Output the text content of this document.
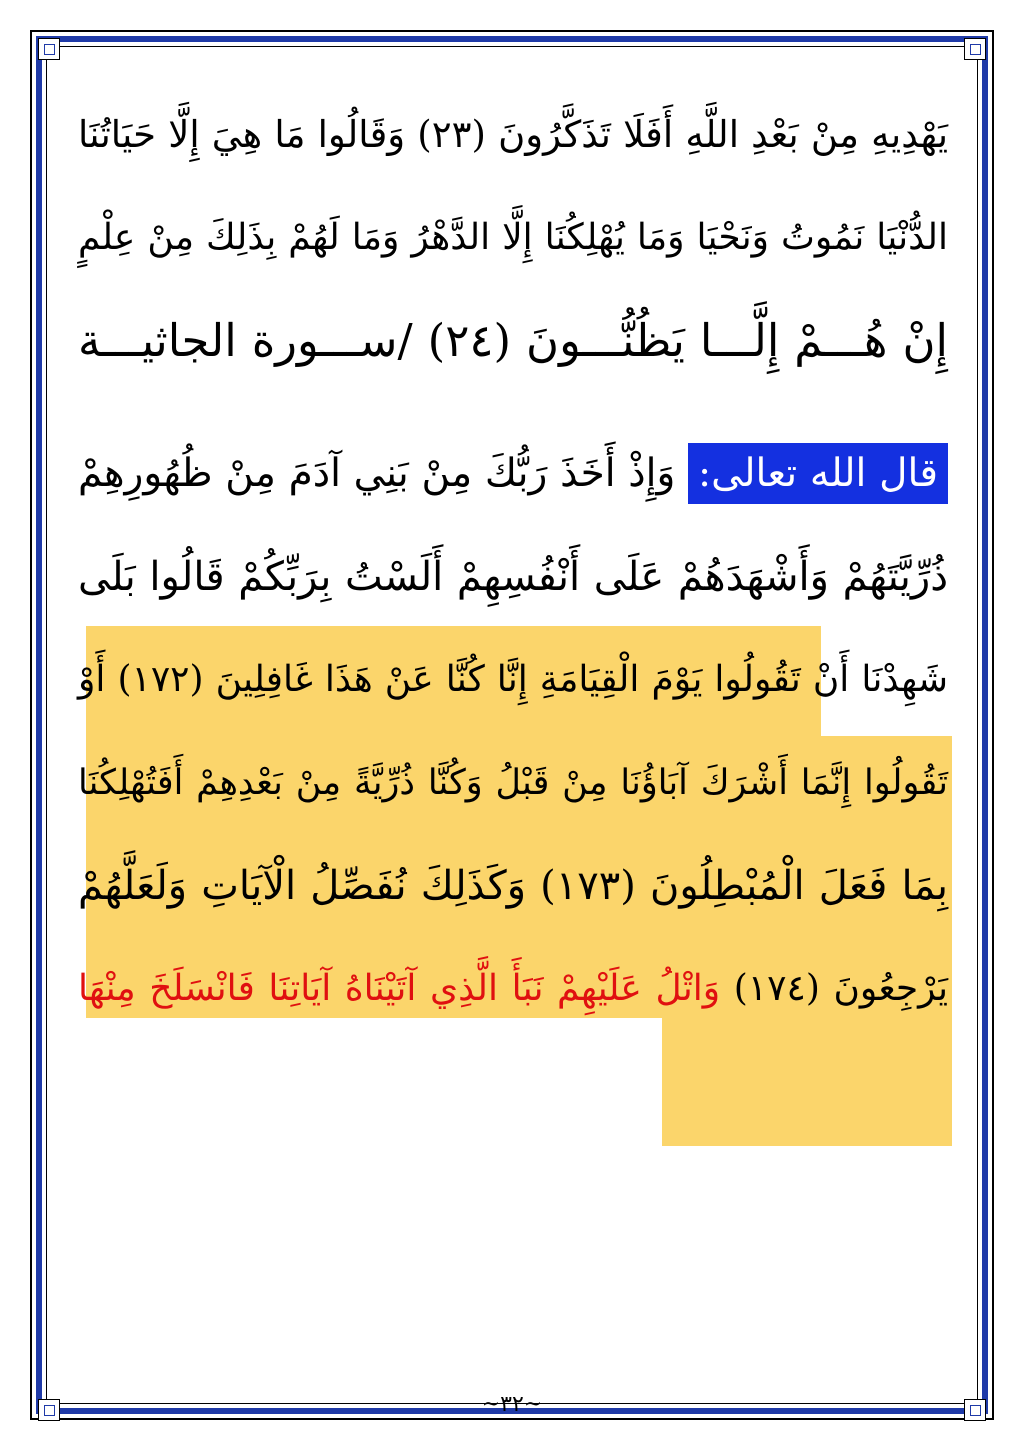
يَهْدِيهِ مِنْ بَعْدِ اللَّهِ أَفَلَا تَذَكَّرُونَ (٢٣) وَقَالُوا مَا هِيَ إِلَّا حَيَاتُنَا
الدُّنْيَا نَمُوتُ وَنَحْيَا وَمَا يُهْلِكُنَا إِلَّا الدَّهْرُ وَمَا لَهُمْ بِذَلِكَ مِنْ عِلْمٍ
إِنْ هُـــمْ إِلَّـــا يَظُنُّـــونَ (٢٤) /ســـورة الجاثيـــة
قال الله تعالى: وَإِذْ أَخَذَ رَبُّكَ مِنْ بَنِي آدَمَ مِنْ ظُهُورِهِمْ
ذُرِّيَّتَهُمْ وَأَشْهَدَهُمْ عَلَى أَنْفُسِهِمْ أَلَسْتُ بِرَبِّكُمْ قَالُوا بَلَى
شَهِدْنَا أَنْ تَقُولُوا يَوْمَ الْقِيَامَةِ إِنَّا كُنَّا عَنْ هَذَا غَافِلِينَ (١٧٢) أَوْ
تَقُولُوا إِنَّمَا أَشْرَكَ آبَاؤُنَا مِنْ قَبْلُ وَكُنَّا ذُرِّيَّةً مِنْ بَعْدِهِمْ أَفَتُهْلِكُنَا
بِمَا فَعَلَ الْمُبْطِلُونَ (١٧٣) وَكَذَلِكَ نُفَصِّلُ الْآيَاتِ وَلَعَلَّهُمْ
يَرْجِعُونَ (١٧٤) وَاتْلُ عَلَيْهِمْ نَبَأَ الَّذِي آتَيْنَاهُ آيَاتِنَا فَانْسَلَخَ مِنْهَا
~٣٢~
